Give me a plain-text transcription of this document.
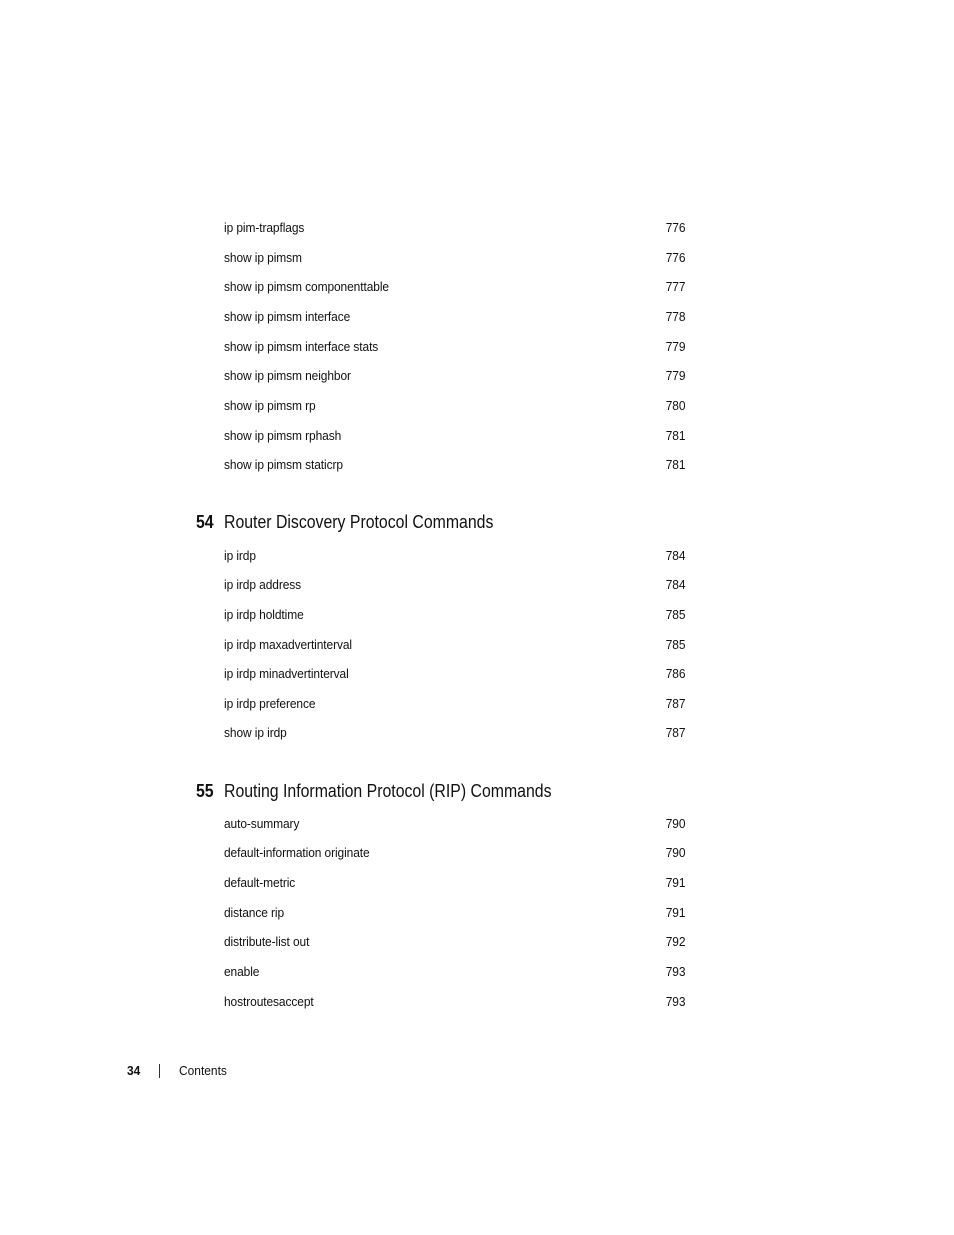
ip pim-trapflags	776
show ip pimsm	776
show ip pimsm componenttable	777
show ip pimsm interface	778
show ip pimsm interface stats	779
show ip pimsm neighbor	779
show ip pimsm rp	780
show ip pimsm rphash	781
show ip pimsm staticrp	781
54 Router Discovery Protocol Commands
ip irdp	784
ip irdp address	784
ip irdp holdtime	785
ip irdp maxadvertinterval	785
ip irdp minadvertinterval	786
ip irdp preference	787
show ip irdp	787
55 Routing Information Protocol (RIP) Commands
auto-summary	790
default-information originate	790
default-metric	791
distance rip	791
distribute-list out	792
enable	793
hostroutesaccept	793
34	Contents
